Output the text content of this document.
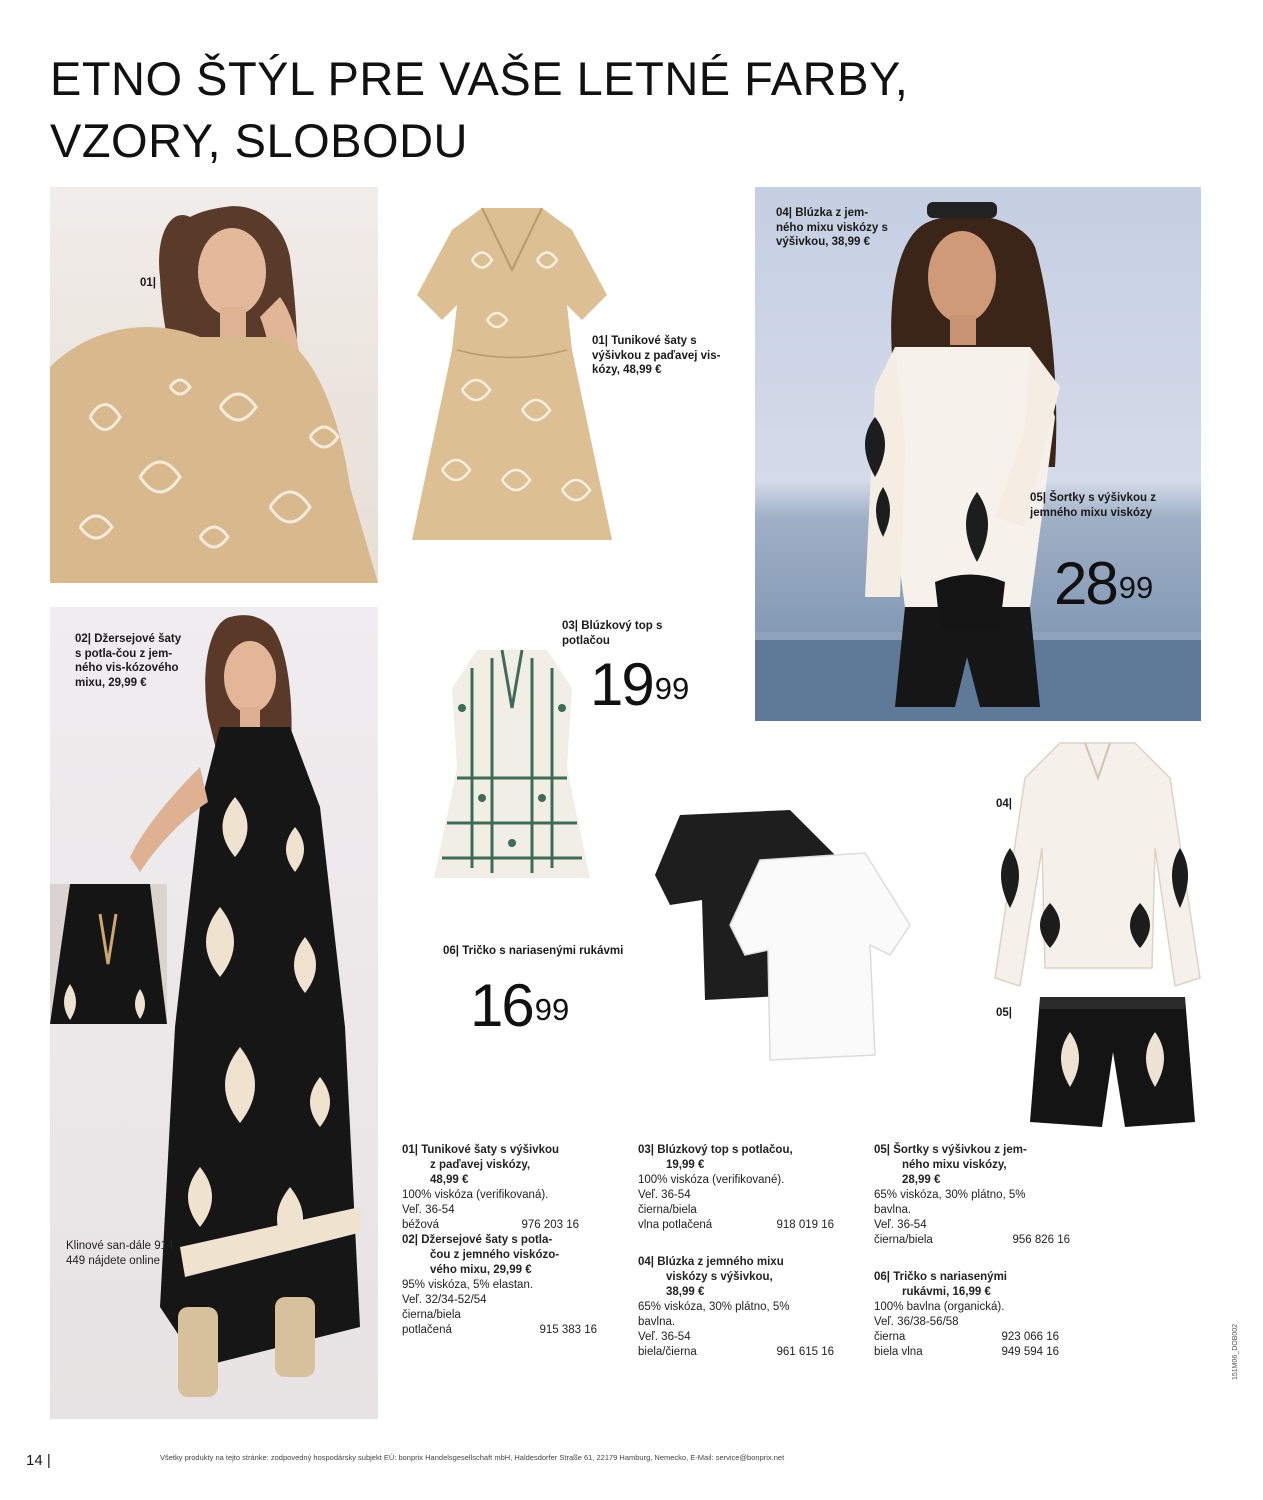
ETNO ŠTÝL PRE VAŠE LETNÉ FARBY,
VZORY, SLOBODU
01|
01| Tunikové šaty s výšivkou z paďavej vis-kózy, 48,99 €
04| Blúzka z jem-ného mixu viskózy s výšivkou, 38,99 €
05| Šortky s výšivkou z jemného mixu viskózy
$28^{99}$
02| Džersejové šaty s potla-čou z jem-ného vis-kózového mixu, 29,99 €
Klinové san-dále 914 449 nájdete online
03| Blúzkový top s potlačou
$19^{99}$
06| Tričko s nariasenými rukávmi
$16^{99}$
04|
05|
01| Tunikové šaty s výšivkou
z paďavej viskózy,
48,99 €
100% viskóza (verifikovaná).
Veľ. 36-54
béžová	976 203 16
02| Džersejové šaty s potla-
čou z jemného viskózo-
vého mixu, 29,99 €
95% viskóza, 5% elastan.
Veľ. 32/34-52/54
čierna/biela
potlačená	915 383 16
03| Blúzkový top s potlačou,
19,99 €
100% viskóza (verifikované).
Veľ. 36-54
čierna/biela
vlna potlačená	918 019 16
04| Blúzka z jemného mixu
viskózy s výšivkou,
38,99 €
65% viskóza, 30% plátno, 5%
bavlna.
Veľ. 36-54
biela/čierna	961 615 16
05| Šortky s výšivkou z jem-
ného mixu viskózy,
28,99 €
65% viskóza, 30% plátno, 5%
bavlna.
Veľ. 36-54
čierna/biela	956 826 16
06| Tričko s nariasenými
rukávmi, 16,99 €
100% bavlna (organická).
Veľ. 36/38-56/58
čierna	923 066 16
biela vlna	949 594 16
14 |	Všetky produkty na tejto stránke: zodpovedný hospodársky subjekt EÚ: bonprix Handelsgesellschaft mbH, Haldesdorfer Straße 61, 22179 Hamburg, Nemecko, E-Mail: service@bonprix.net
151M06_DOB002
